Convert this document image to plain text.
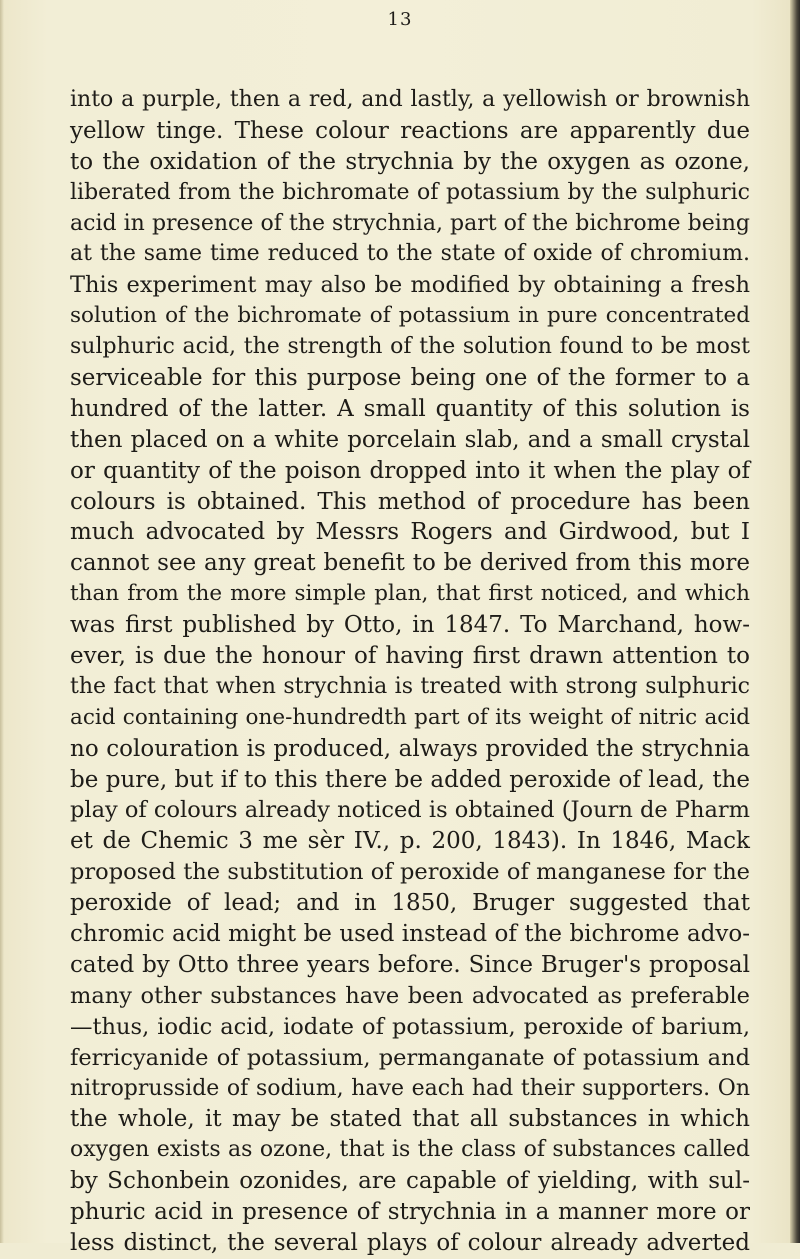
13
into a purple, then a red, and lastly, a yellowish or brownish
yellow tinge. These colour reactions are apparently due
to the oxidation of the strychnia by the oxygen as ozone,
liberated from the bichromate of potassium by the sulphuric
acid in presence of the strychnia, part of the bichrome being
at the same time reduced to the state of oxide of chromium.
This experiment may also be modified by obtaining a fresh
solution of the bichromate of potassium in pure concentrated
sulphuric acid, the strength of the solution found to be most
serviceable for this purpose being one of the former to a
hundred of the latter. A small quantity of this solution is
then placed on a white porcelain slab, and a small crystal
or quantity of the poison dropped into it when the play of
colours is obtained. This method of procedure has been
much advocated by Messrs Rogers and Girdwood, but I
cannot see any great benefit to be derived from this more
than from the more simple plan, that first noticed, and which
was first published by Otto, in 1847. To Marchand, how-
ever, is due the honour of having first drawn attention to
the fact that when strychnia is treated with strong sulphuric
acid containing one-hundredth part of its weight of nitric acid
no colouration is produced, always provided the strychnia
be pure, but if to this there be added peroxide of lead, the
play of colours already noticed is obtained (Journ de Pharm
et de Chemic 3 me sèr IV., p. 200, 1843). In 1846, Mack
proposed the substitution of peroxide of manganese for the
peroxide of lead; and in 1850, Bruger suggested that
chromic acid might be used instead of the bichrome advo-
cated by Otto three years before. Since Bruger's proposal
many other substances have been advocated as preferable
—thus, iodic acid, iodate of potassium, peroxide of barium,
ferricyanide of potassium, permanganate of potassium and
nitroprusside of sodium, have each had their supporters. On
the whole, it may be stated that all substances in which
oxygen exists as ozone, that is the class of substances called
by Schonbein ozonides, are capable of yielding, with sul-
phuric acid in presence of strychnia in a manner more or
less distinct, the several plays of colour already adverted
